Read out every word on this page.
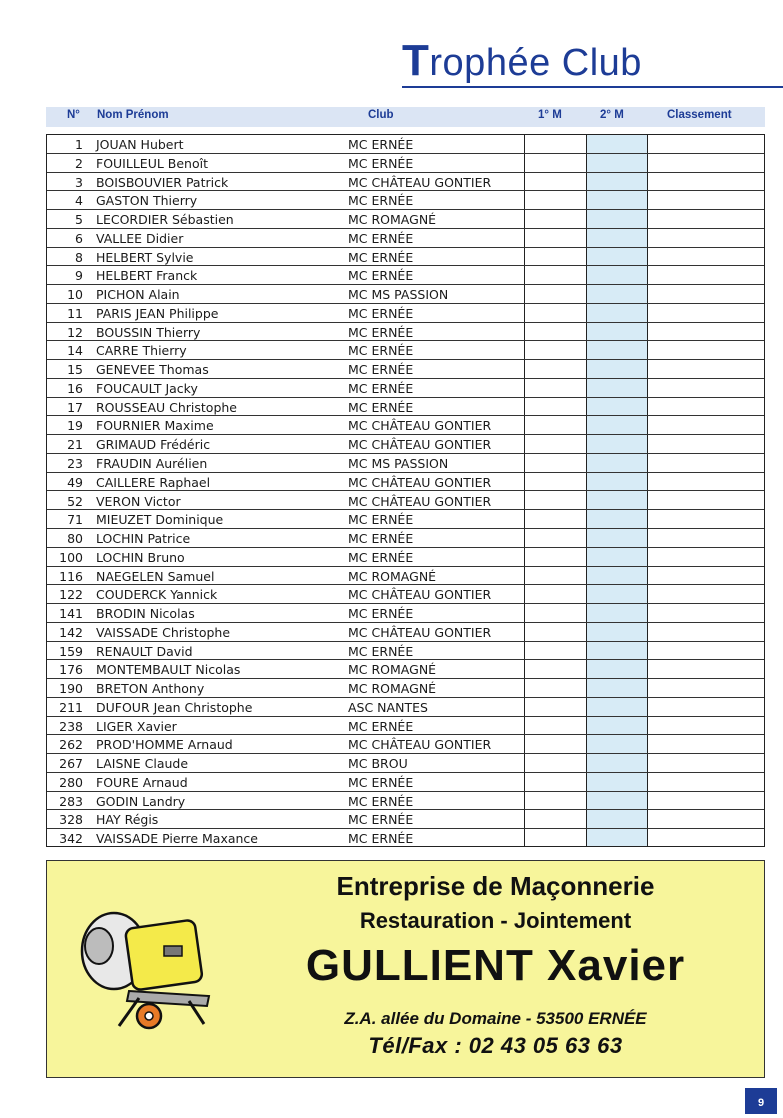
Trophée Club
N° Nom Prénom	Club	1° M	2° M	Classement
1 JOUAN Hubert	MC ERNÉE
2 FOUILLEUL Benoît	MC ERNÉE
3 BOISBOUVIER Patrick	MC CHÂTEAU GONTIER
4 GASTON Thierry	MC ERNÉE
5 LECORDIER Sébastien	MC ROMAGNÉ
6 VALLEE Didier	MC ERNÉE
8 HELBERT Sylvie	MC ERNÉE
9 HELBERT Franck	MC ERNÉE
10 PICHON Alain	MC MS PASSION
11 PARIS JEAN Philippe	MC ERNÉE
12 BOUSSIN Thierry	MC ERNÉE
14 CARRE Thierry	MC ERNÉE
15 GENEVEE Thomas	MC ERNÉE
16 FOUCAULT Jacky	MC ERNÉE
17 ROUSSEAU Christophe	MC ERNÉE
19 FOURNIER Maxime	MC CHÂTEAU GONTIER
21 GRIMAUD Frédéric	MC CHÂTEAU GONTIER
23 FRAUDIN Aurélien	MC MS PASSION
49 CAILLERE Raphael	MC CHÂTEAU GONTIER
52 VERON Victor	MC CHÂTEAU GONTIER
71 MIEUZET Dominique	MC ERNÉE
80 LOCHIN Patrice	MC ERNÉE
100 LOCHIN Bruno	MC ERNÉE
116 NAEGELEN Samuel	MC ROMAGNÉ
122 COUDERCK Yannick	MC CHÂTEAU GONTIER
141 BRODIN Nicolas	MC ERNÉE
142 VAISSADE Christophe	MC CHÂTEAU GONTIER
159 RENAULT David	MC ERNÉE
176 MONTEMBAULT Nicolas	MC ROMAGNÉ
190 BRETON Anthony	MC ROMAGNÉ
211 DUFOUR Jean Christophe	ASC NANTES
238 LIGER Xavier	MC ERNÉE
262 PROD'HOMME Arnaud	MC CHÂTEAU GONTIER
267 LAISNE Claude	MC BROU
280 FOURE Arnaud	MC ERNÉE
283 GODIN Landry	MC ERNÉE
328 HAY Régis	MC ERNÉE
342 VAISSADE Pierre Maxance	MC ERNÉE
Entreprise de Maçonnerie
Restauration - Jointement
GULLIENT Xavier
Z.A. allée du Domaine - 53500 ERNÉE
Tél/Fax : 02 43 05 63 63
9
